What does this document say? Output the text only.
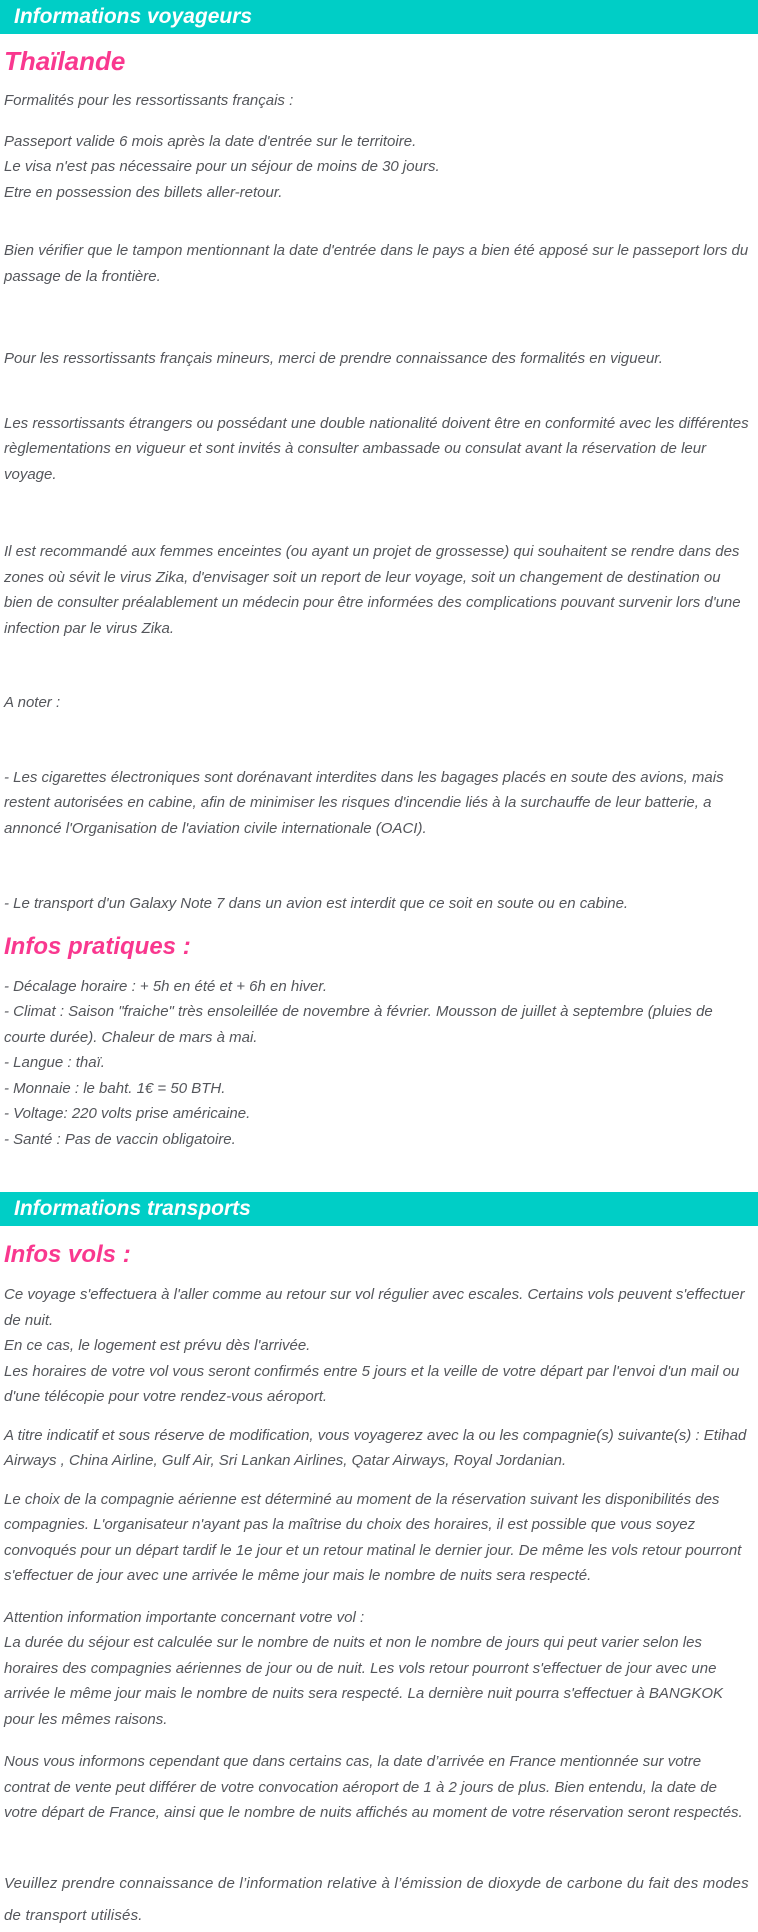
Informations voyageurs
Thaïlande

Formalités pour les ressortissants français :

Passeport valide 6 mois après la date d'entrée sur le territoire.
Le visa n'est pas nécessaire pour un séjour de moins de 30 jours.
Etre en possession des billets aller-retour.

Bien vérifier que le tampon mentionnant la date d'entrée dans le pays a bien été apposé sur le passeport lors du passage de la frontière.

Pour les ressortissants français mineurs, merci de prendre connaissance des formalités en vigueur.

Les ressortissants étrangers ou possédant une double nationalité doivent être en conformité avec les différentes règlementations en vigueur et sont invités à consulter ambassade ou consulat avant la réservation de leur voyage.

Il est recommandé aux femmes enceintes (ou ayant un projet de grossesse) qui souhaitent se rendre dans des zones où sévit le virus Zika, d'envisager soit un report de leur voyage, soit un changement de destination ou bien de consulter préalablement un médecin pour être informées des complications pouvant survenir lors d'une infection par le virus Zika.

A noter :

- Les cigarettes électroniques sont dorénavant interdites dans les bagages placés en soute des avions, mais restent autorisées en cabine, afin de minimiser les risques d'incendie liés à la surchauffe de leur batterie, a annoncé l'Organisation de l'aviation civile internationale (OACI).

- Le transport d'un Galaxy Note 7 dans un avion est interdit que ce soit en soute ou en cabine.

Infos pratiques :
- Décalage horaire : + 5h en été et + 6h en hiver.
- Climat : Saison "fraiche" très ensoleillée de novembre à février. Mousson de juillet à septembre (pluies de courte durée). Chaleur de mars à mai.
- Langue : thaï.
- Monnaie : le baht. 1€ = 50 BTH.
- Voltage: 220 volts prise américaine.
- Santé : Pas de vaccin obligatoire.
Informations transports
Infos vols :
Ce voyage s'effectuera à l'aller comme au retour sur vol régulier avec escales. Certains vols peuvent s'effectuer de nuit.
En ce cas, le logement est prévu dès l'arrivée.
Les horaires de votre vol vous seront confirmés entre 5 jours et la veille de votre départ par l'envoi d'un mail ou d'une télécopie pour votre rendez-vous aéroport.

A titre indicatif et sous réserve de modification, vous voyagerez avec la ou les compagnie(s) suivante(s) : Etihad Airways , China Airline, Gulf Air, Sri Lankan Airlines, Qatar Airways, Royal Jordanian.

Le choix de la compagnie aérienne est déterminé au moment de la réservation suivant les disponibilités des compagnies. L'organisateur n'ayant pas la maîtrise du choix des horaires, il est possible que vous soyez convoqués pour un départ tardif le 1e jour et un retour matinal le dernier jour. De même les vols retour pourront s'effectuer de jour avec une arrivée le même jour mais le nombre de nuits sera respecté.

Attention information importante concernant votre vol :
La durée du séjour est calculée sur le nombre de nuits et non le nombre de jours qui peut varier selon les horaires des compagnies aériennes de jour ou de nuit. Les vols retour pourront s'effectuer de jour avec une arrivée le même jour mais le nombre de nuits sera respecté. La dernière nuit pourra s'effectuer à BANGKOK pour les mêmes raisons.

Nous vous informons cependant que dans certains cas, la date d’arrivée en France mentionnée sur votre contrat de vente peut différer de votre convocation aéroport de 1 à 2 jours de plus. Bien entendu, la date de votre départ de France, ainsi que le nombre de nuits affichés au moment de votre réservation seront respectés.

Veuillez prendre connaissance de l’information relative à l’émission de dioxyde de carbone du fait des modes de transport utilisés.
